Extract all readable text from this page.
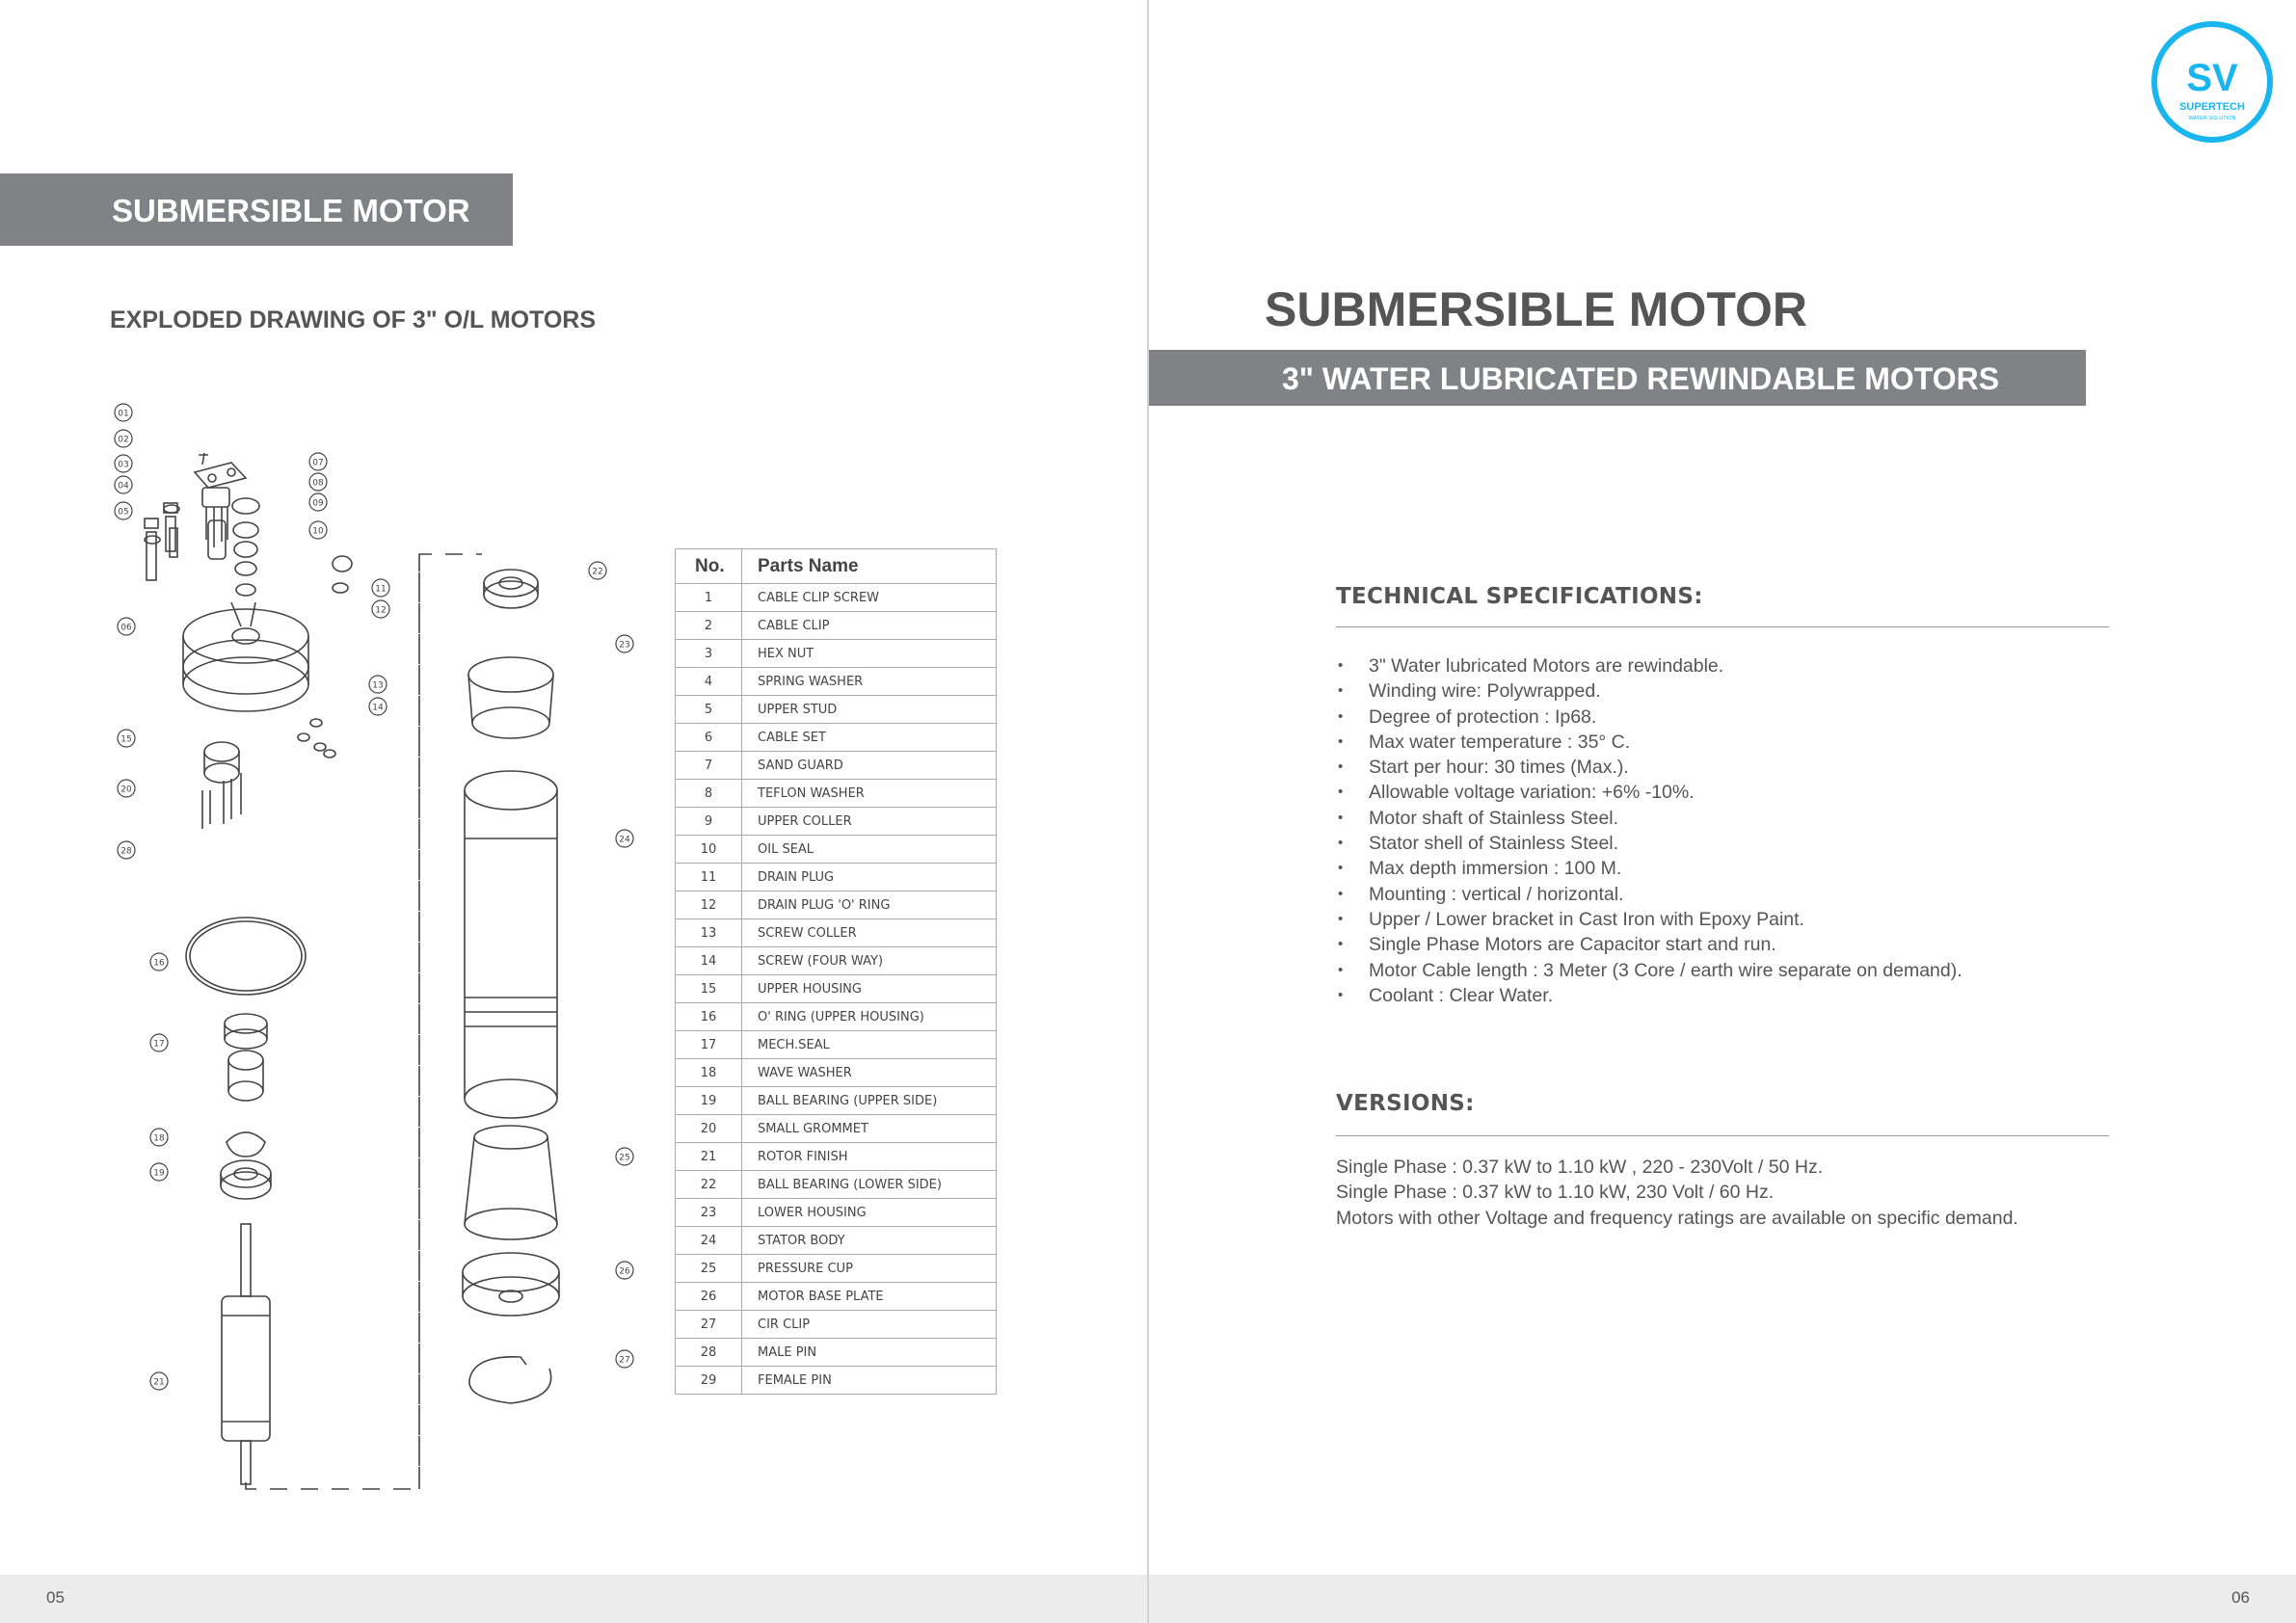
SUBMERSIBLE MOTOR
EXPLODED DRAWING OF 3" O/L MOTORS
01
02
03
04
05
06
07
08
09
10
11
12
13
14
15
16
17
18
19
20
21
22
23
24
25
26
27
28
No.	Parts Name
1	CABLE CLIP SCREW
2	CABLE CLIP
3	HEX NUT
4	SPRING WASHER
5	UPPER STUD
6	CABLE SET
7	SAND GUARD
8	TEFLON WASHER
9	UPPER COLLER
10	OIL SEAL
11	DRAIN PLUG
12	DRAIN PLUG 'O' RING
13	SCREW COLLER
14	SCREW (FOUR WAY)
15	UPPER HOUSING
16	O' RING (UPPER HOUSING)
17	MECH.SEAL
18	WAVE WASHER
19	BALL BEARING (UPPER SIDE)
20	SMALL GROMMET
21	ROTOR FINISH
22	BALL BEARING (LOWER SIDE)
23	LOWER HOUSING
24	STATOR BODY
25	PRESSURE CUP
26	MOTOR BASE PLATE
27	CIR CLIP
28	MALE PIN
29	FEMALE PIN
05
SV
SUPERTECH
WATER SOLUTION
SUBMERSIBLE MOTOR
3" WATER LUBRICATED REWINDABLE MOTORS
TECHNICAL SPECIFICATIONS:
• 3" Water lubricated Motors are rewindable.
• Winding wire: Polywrapped.
• Degree of protection : Ip68.
• Max water temperature : 35° C.
• Start per hour: 30 times (Max.).
• Allowable voltage variation: +6% -10%.
• Motor shaft of Stainless Steel.
• Stator shell of Stainless Steel.
• Max depth immersion : 100 M.
• Mounting : vertical / horizontal.
• Upper / Lower bracket in Cast Iron with Epoxy Paint.
• Single Phase Motors are Capacitor start and run.
• Motor Cable length : 3 Meter (3 Core / earth wire separate on demand).
• Coolant : Clear Water.
VERSIONS:
Single Phase : 0.37 kW to 1.10 kW , 220 - 230Volt / 50 Hz.
Single Phase : 0.37 kW to 1.10 kW, 230 Volt / 60 Hz.
Motors with other Voltage and frequency ratings are available on specific demand.
06
